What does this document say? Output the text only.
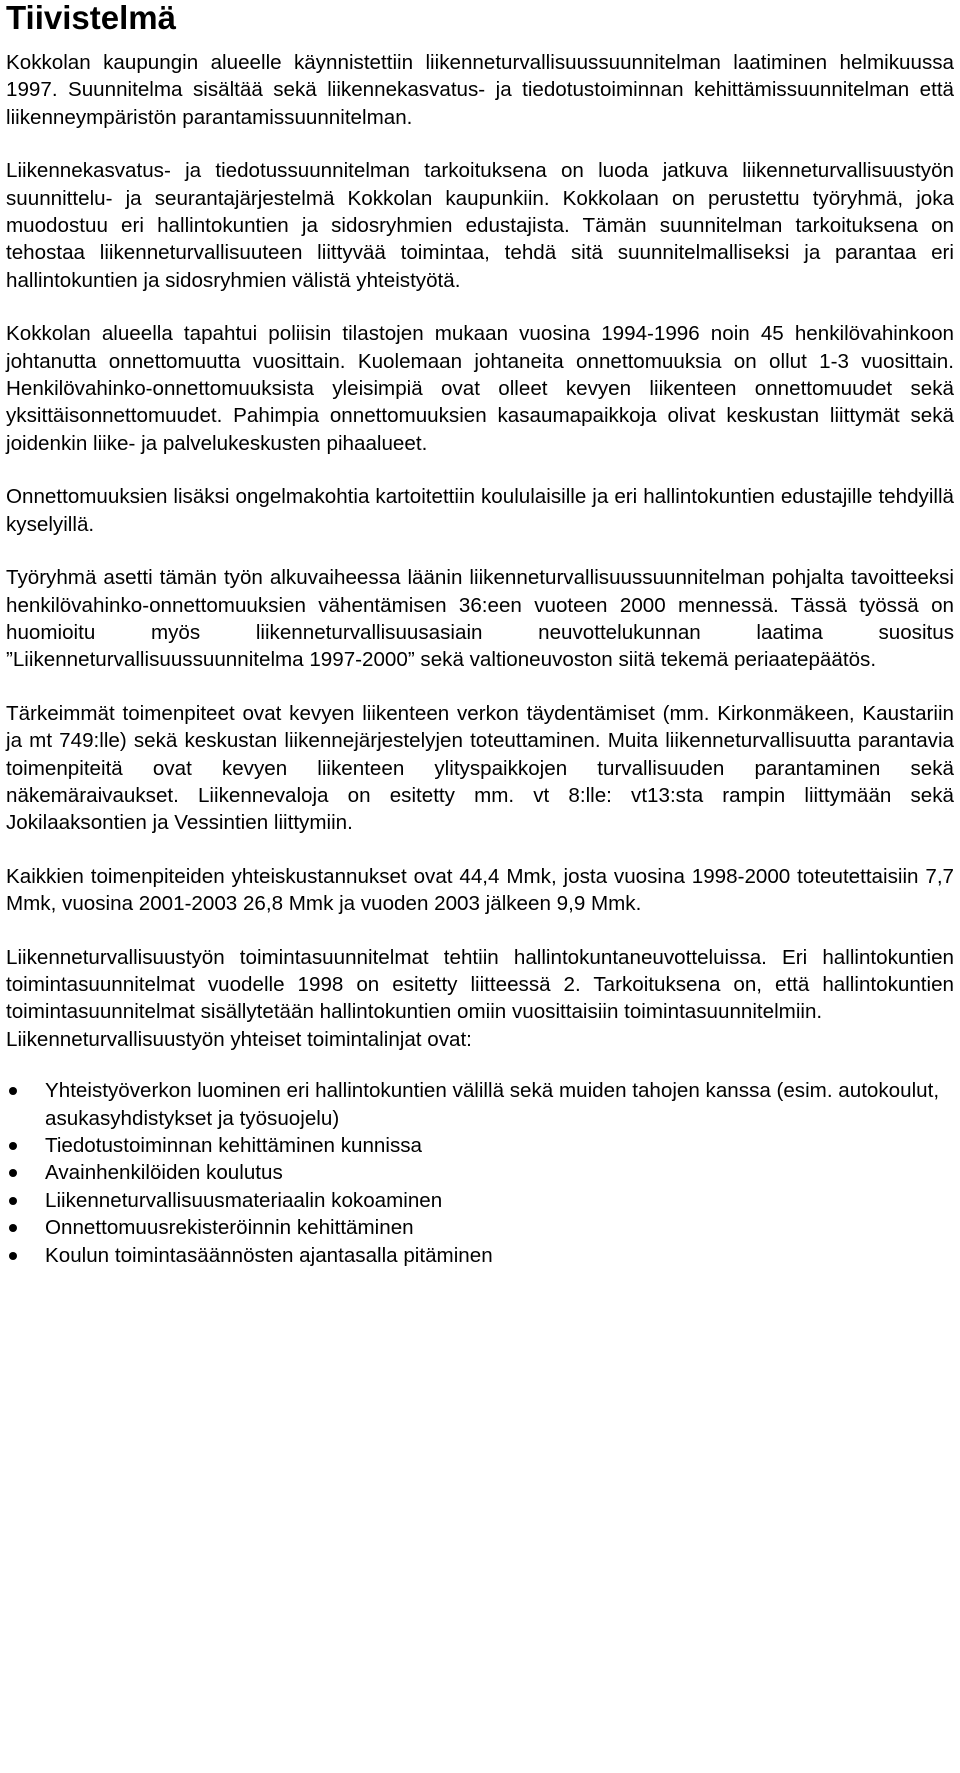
Tiivistelmä

Kokkolan kaupungin alueelle käynnistettiin liikenneturvallisuussuunnitelman laatiminen helmikuussa 1997. Suunnitelma sisältää sekä liikennekasvatus- ja tiedotustoiminnan kehittämissuunnitelman että liikenneympäristön parantamissuunnitelman.

Liikennekasvatus- ja tiedotussuunnitelman tarkoituksena on luoda jatkuva liikenneturvallisuustyön suunnittelu- ja seurantajärjestelmä Kokkolan kaupunkiin. Kokkolaan on perustettu työryhmä, joka muodostuu eri hallintokuntien ja sidosryhmien edustajista. Tämän suunnitelman tarkoituksena on tehostaa liikenneturvallisuuteen liittyvää toimintaa, tehdä sitä suunnitelmalliseksi ja parantaa eri hallintokuntien ja sidosryhmien välistä yhteistyötä.

Kokkolan alueella tapahtui poliisin tilastojen mukaan vuosina 1994-1996 noin 45 henkilövahinkoon johtanutta onnettomuutta vuosittain. Kuolemaan johtaneita onnettomuuksia on ollut 1-3 vuosittain. Henkilövahinko-onnettomuuksista yleisimpiä ovat olleet kevyen liikenteen onnettomuudet sekä yksittäisonnettomuudet. Pahimpia onnettomuuksien kasaumapaikkoja olivat keskustan liittymät sekä joidenkin liike- ja palvelukeskusten pihaalueet.

Onnettomuuksien lisäksi ongelmakohtia kartoitettiin koululaisille ja eri hallintokuntien edustajille tehdyillä kyselyillä.

Työryhmä asetti tämän työn alkuvaiheessa läänin liikenneturvallisuussuunnitelman pohjalta tavoitteeksi henkilövahinko-onnettomuuksien vähentämisen 36:een vuoteen 2000 mennessä. Tässä työssä on huomioitu myös liikenneturvallisuusasiain neuvottelukunnan laatima suositus ”Liikenneturvallisuussuunnitelma 1997-2000” sekä valtioneuvoston siitä tekemä periaatepäätös.

Tärkeimmät toimenpiteet ovat kevyen liikenteen verkon täydentämiset (mm. Kirkonmäkeen, Kaustariin ja mt 749:lle) sekä keskustan liikennejärjestelyjen toteuttaminen. Muita liikenneturvallisuutta parantavia toimenpiteitä ovat kevyen liikenteen ylityspaikkojen turvallisuuden parantaminen sekä näkemäraivaukset. Liikennevaloja on esitetty mm. vt 8:lle: vt13:sta rampin liittymään sekä Jokilaaksontien ja Vessintien liittymiin.

Kaikkien toimenpiteiden yhteiskustannukset ovat 44,4 Mmk, josta vuosina 1998-2000 toteutettaisiin 7,7 Mmk, vuosina 2001-2003 26,8 Mmk ja vuoden 2003 jälkeen 9,9 Mmk.

Liikenneturvallisuustyön toimintasuunnitelmat tehtiin hallintokuntaneuvotteluissa. Eri hallintokuntien toimintasuunnitelmat vuodelle 1998 on esitetty liitteessä 2. Tarkoituksena on, että hallintokuntien toimintasuunnitelmat sisällytetään hallintokuntien omiin vuosittaisiin toimintasuunnitelmiin.

Liikenneturvallisuustyön yhteiset toimintalinjat ovat:

Yhteistyöverkon luominen eri hallintokuntien välillä sekä muiden tahojen kanssa (esim. autokoulut, asukasyhdistykset ja työsuojelu)
Tiedotustoiminnan kehittäminen kunnissa
Avainhenkilöiden koulutus
Liikenneturvallisuusmateriaalin kokoaminen
Onnettomuusrekisteröinnin kehittäminen
Koulun toimintasäännösten ajantasalla pitäminen
